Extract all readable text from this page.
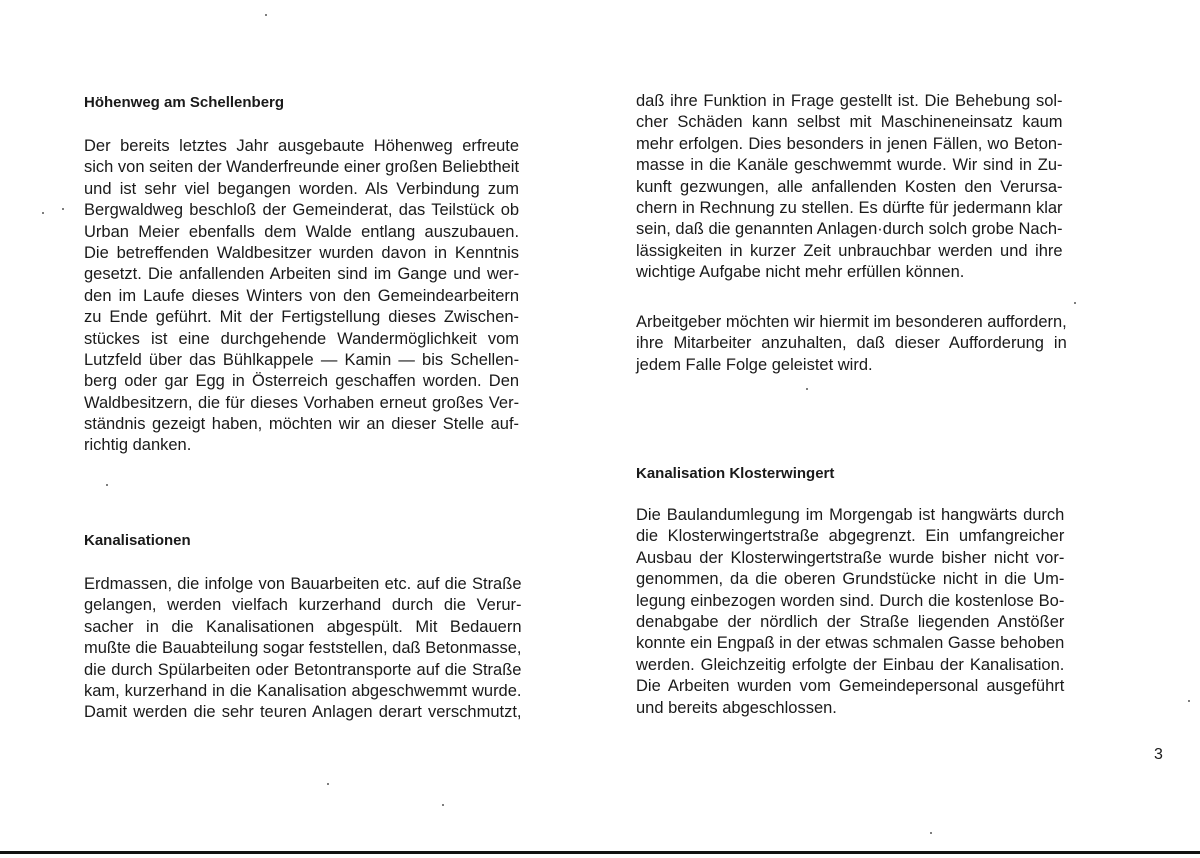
Höhenweg am Schellenberg
Der bereits letztes Jahr ausgebaute Höhenweg erfreute
sich von seiten der Wanderfreunde einer großen Beliebtheit
und ist sehr viel begangen worden. Als Verbindung zum
Bergwaldweg beschloß der Gemeinderat, das Teilstück ob
Urban Meier ebenfalls dem Walde entlang auszubauen.
Die betreffenden Waldbesitzer wurden davon in Kenntnis
gesetzt. Die anfallenden Arbeiten sind im Gange und wer-
den im Laufe dieses Winters von den Gemeindearbeitern
zu Ende geführt. Mit der Fertigstellung dieses Zwischen-
stückes ist eine durchgehende Wandermöglichkeit vom
Lutzfeld über das Bühlkappele — Kamin — bis Schellen-
berg oder gar Egg in Österreich geschaffen worden. Den
Waldbesitzern, die für dieses Vorhaben erneut großes Ver-
ständnis gezeigt haben, möchten wir an dieser Stelle auf-
richtig danken.
Kanalisationen
Erdmassen, die infolge von Bauarbeiten etc. auf die Straße
gelangen, werden vielfach kurzerhand durch die Verur-
sacher in die Kanalisationen abgespült. Mit Bedauern
mußte die Bauabteilung sogar feststellen, daß Betonmasse,
die durch Spülarbeiten oder Betontransporte auf die Straße
kam, kurzerhand in die Kanalisation abgeschwemmt wurde.
Damit werden die sehr teuren Anlagen derart verschmutzt,
daß ihre Funktion in Frage gestellt ist. Die Behebung sol-
cher Schäden kann selbst mit Maschineneinsatz kaum
mehr erfolgen. Dies besonders in jenen Fällen, wo Beton-
masse in die Kanäle geschwemmt wurde. Wir sind in Zu-
kunft gezwungen, alle anfallenden Kosten den Verursa-
chern in Rechnung zu stellen. Es dürfte für jedermann klar
sein, daß die genannten Anlagen·durch solch grobe Nach-
lässigkeiten in kurzer Zeit unbrauchbar werden und ihre
wichtige Aufgabe nicht mehr erfüllen können.
Arbeitgeber möchten wir hiermit im besonderen auffordern,
ihre Mitarbeiter anzuhalten, daß dieser Aufforderung in
jedem Falle Folge geleistet wird.
Kanalisation Klosterwingert
Die Baulandumlegung im Morgengab ist hangwärts durch
die Klosterwingertstraße abgegrenzt. Ein umfangreicher
Ausbau der Klosterwingertstraße wurde bisher nicht vor-
genommen, da die oberen Grundstücke nicht in die Um-
legung einbezogen worden sind. Durch die kostenlose Bo-
denabgabe der nördlich der Straße liegenden Anstößer
konnte ein Engpaß in der etwas schmalen Gasse behoben
werden. Gleichzeitig erfolgte der Einbau der Kanalisation.
Die Arbeiten wurden vom Gemeindepersonal ausgeführt
und bereits abgeschlossen.
3
